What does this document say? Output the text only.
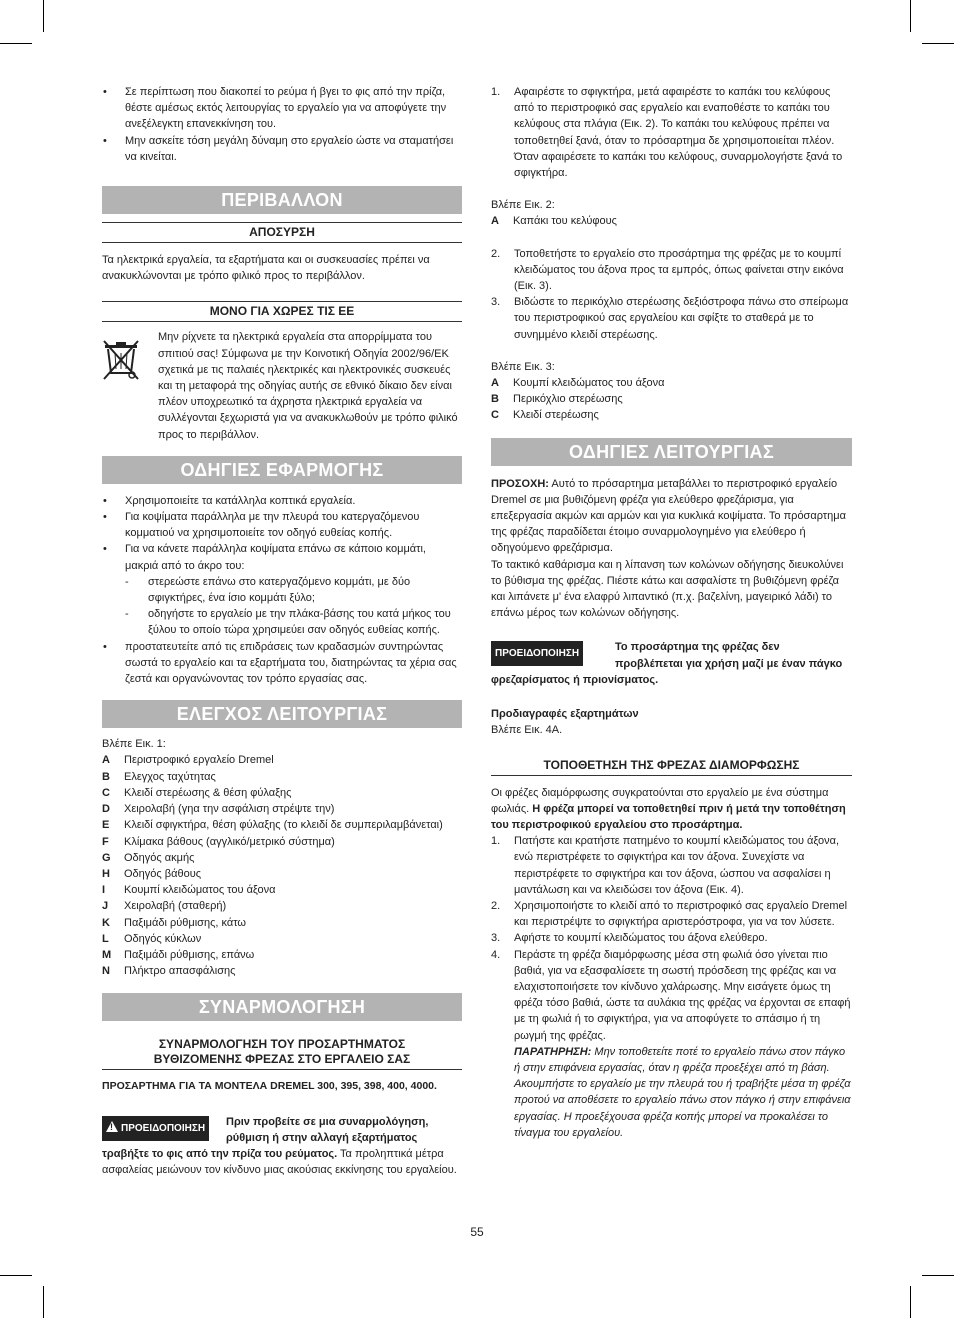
• Σε περίπτωση που διακοπεί το ρεύμα ή βγει το φις από την πρίζα, θέστε αμέσως εκτός λειτουργίας το εργαλείο για να αποφύγετε την ανεξέλεγκτη επανεκκίνηση του.
• Μην ασκείτε τόση μεγάλη δύναμη στο εργαλείο ώστε να σταματήσει να κινείται.
ΠΕΡΙΒΑΛΛΟΝ
ΑΠΟΣΥΡΣΗ

Τα ηλεκτρικά εργαλεία, τα εξαρτήματα και οι συσκευασίες πρέπει να ανακυκλώνονται με τρόπο φιλικό προς το περιβάλλον.

ΜΟΝΟ ΓΙΑ ΧΩΡΕΣ ΤΙΣ ΕΕ

Μην ρίχνετε τα ηλεκτρικά εργαλεία στα απορρίμματα του σπιτιού σας! Σύμφωνα με την Κοινοτική Οδηγία 2002/96/ΕΚ σχετικά με τις παλαιές ηλεκτρικές και ηλεκτρονικές συσκευές και τη μεταφορά της οδηγίας αυτής σε εθνικό δίκαιο δεν είναι πλέον υποχρεωτικό τα άχρηστα ηλεκτρικά εργαλεία να συλλέγονται ξεχωριστά για να ανακυκλωθούν με τρόπο φιλικό προς το περιβάλλον.

ΟΔΗΓΙΕΣ ΕΦΑΡΜΟΓΗΣ
• Χρησιμοποιείτε τα κατάλληλα κοπτικά εργαλεία.
• Για κοψίματα παράλληλα με την πλευρά του κατεργαζόμενου κομματιού να χρησιμοποιείτε τον οδηγό ευθείας κοπής.
• Για να κάνετε παράλληλα κοψίματα επάνω σε κάποιο κομμάτι, μακριά από το άκρο του:
- στερεώστε επάνω στο κατεργαζόμενο κομμάτι, με δύο σφιγκτήρες, ένα ίσιο κομμάτι ξύλο;
- οδηγήστε το εργαλείο με την πλάκα-βάσης του κατά μήκος του ξύλου το οποίο τώρα χρησιμεύει σαν οδηγός ευθείας κοπής.
• προστατευτείτε από τις επιδράσεις των κραδασμών συντηρώντας σωστά το εργαλείο και τα εξαρτήματα του, διατηρώντας τα χέρια σας ζεστά και οργανώνοντας τον τρόπο εργασίας σας.
ΕΛΕΓΧΟΣ ΛΕΙΤΟΥΡΓΙΑΣ

Βλέπε Εικ. 1:

A	Περιστροφικό εργαλείο Dremel
B	Ελεγχος ταχύτητας
C	Κλειδί στερέωσης & θέση φύλαξης
D	Χειρολαβή (γηα την ασφάλιση στρέψτε την)
E	Κλειδί σφιγκτήρα, θέση φύλαξης (το κλειδί δε συμπεριλαμβάνεται)
F	Κλίμακα βάθους (αγγλικό/μετρικό σύστημα)
G	Οδηγός ακμής
H	Οδηγός βάθους
I	Κουμπί κλειδώματος του άξονα
J	Χειρολαβή (σταθερή)
K	Παξιμάδι ρύθμισης, κάτω
L	Οδηγός κύκλων
M	Παξιμάδι ρύθμισης, επάνω
N	Πλήκτρο απασφάλισης
ΣΥΝΑΡΜΟΛΟΓΗΣΗ
ΣΥΝΑΡΜΟΛΟΓΗΣΗ ΤΟΥ ΠΡΟΣΑΡΤΗΜΑΤΟΣ
ΒΥΘΙΖΟΜΕΝΗΣ ΦΡΕΖΑΣ ΣΤΟ ΕΡΓΑΛΕΙΟ ΣΑΣ

ΠΡΟΣΑΡΤΗΜΑ ΓΙΑ ΤΑ ΜΟΝΤΕΛΑ DREMEL 300, 395, 398, 400, 4000.

!ΠΡΟΕΙΔΟΠΟΙΗΣΗ
Πριν προβείτε σε μια συναρμολόγηση,
ρύθμιση ή στην αλλαγή εξαρτήματος

τραβήξτε το φις από την πρίζα του ρεύματος. Τα προληπτικά μέτρα ασφαλείας μειώνουν τον κίνδυνο μιας ακούσιας εκκίνησης του εργαλείου.

1. Αφαιρέστε το σφιγκτήρα, μετά αφαιρέστε το καπάκι του κελύφους από το περιστροφικό σας εργαλείο και εναποθέστε το καπάκι του κελύφους στα πλάγια (Εικ. 2). Το καπάκι του κελύφους πρέπει να τοποθετηθεί ξανά, όταν το πρόσαρτημα δε χρησιμοποιείται πλέον. Όταν αφαιρέσετε το καπάκι του κελύφους, συναρμολογήστε ξανά το σφιγκτήρα.

Βλέπε Εικ. 2:

A	Καπάκι του κελύφους
2. Τοποθετήστε το εργαλείο στο προσάρτημα της φρέζας με το κουμπί κλειδώματος του άξονα προς τα εμπρός, όπως φαίνεται στην εικόνα (Εικ. 3).
3. Βιδώστε το περικόχλιο στερέωσης δεξιόστροφα πάνω στο σπείρωμα του περιστροφικού σας εργαλείου και σφίξτε το σταθερά με το συνημμένο κλειδί στερέωσης.

Βλέπε Εικ. 3:

A	Κουμπί κλειδώματος του άξονα
B	Περικόχλιο στερέωσης
C	Κλειδί στερέωσης
ΟΔΗΓΙΕΣ ΛΕΙΤΟΥΡΓΙΑΣ

ΠΡΟΣΟΧΗ: Αυτό το πρόσαρτημα μεταβάλλει το περιστροφικό εργαλείο Dremel σε μια βυθιζόμενη φρέζα για ελεύθερο φρεζάρισμα, για επεξεργασία ακμών και αρμών και για κυκλικά κοψίματα. Το πρόσαρτημα της φρέζας παραδίδεται έτοιμο συναρμολογημένο για ελεύθερο ή οδηγούμενο φρεζάρισμα.

Το τακτικό καθάρισμα και η λίπανση των κολώνων οδήγησης διευκολύνει το βύθισμα της φρέζας. Πιέστε κάτω και ασφαλίστε τη βυθιζόμενη φρέζα και λιπάνετε μ' ένα ελαφρύ λιπαντικό (π.χ. βαζελίνη, μαγειρικό λάδι) το επάνω μέρος των κολώνων οδήγησης.

ΠΡΟΕΙΔΟΠΟΙΗΣΗ
Το προσάρτημα της φρέζας δεν
προβλέπεται για χρήση μαζί με έναν πάγκο

φρεζαρίσματος ή πριονίσματος.

Προδιαγραφές εξαρτημάτων

Βλέπε Εικ. 4A.

ΤΟΠΟΘΕΤΗΣΗ ΤΗΣ ΦΡΕΖΑΣ ΔΙΑΜΟΡΦΩΣΗΣ

Οι φρέζες διαμόρφωσης συγκρατούνται στο εργαλείο με ένα σύστημα φωλιάς. Η φρέζα μπορεί να τοποθετηθεί πριν ή μετά την τοποθέτηση του περιστροφικού εργαλείου στο προσάρτημα.

1. Πατήστε και κρατήστε πατημένο το κουμπί κλειδώματος του άξονα, ενώ περιστρέφετε το σφιγκτήρα και τον άξονα. Συνεχίστε να περιστρέφετε το σφιγκτήρα και τον άξονα, ώσπου να ασφαλίσει η μαντάλωση και να κλειδώσει τον άξονα (Εικ. 4).
2. Χρησιμοποιήστε το κλειδί από το περιστροφικό σας εργαλείο Dremel και περιστρέψτε το σφιγκτήρα αριστερόστροφα, για να τον λύσετε.
3. Αφήστε το κουμπί κλειδώματος του άξονα ελεύθερο.
4. Περάστε τη φρέζα διαμόρφωσης μέσα στη φωλιά όσο γίνεται πιο βαθιά, για να εξασφαλίσετε τη σωστή πρόσδεση της φρέζας και να ελαχιστοποιήσετε τον κίνδυνο χαλάρωσης. Μην εισάγετε όμως τη φρέζα τόσο βαθιά, ώστε τα αυλάκια της φρέζας να έρχονται σε επαφή με τη φωλιά ή το σφιγκτήρα, για να αποφύγετε το σπάσιμο ή τη ρωγμή της φρέζας.
ΠΑΡΑΤΗΡΗΣΗ: Μην τοποθετείτε ποτέ το εργαλείο πάνω στον πάγκο ή στην επιφάνεια εργασίας, όταν η φρέζα προεξέχει από τη βάση. Ακουμπήστε το εργαλείο με την πλευρά του ή τραβήξτε μέσα τη φρέζα προτού να αποθέσετε το εργαλείο πάνω στον πάγκο ή στην επιφάνεια εργασίας. Η προεξέχουσα φρέζα κοπής μπορεί να προκαλέσει το τίναγμα του εργαλείου.
55
